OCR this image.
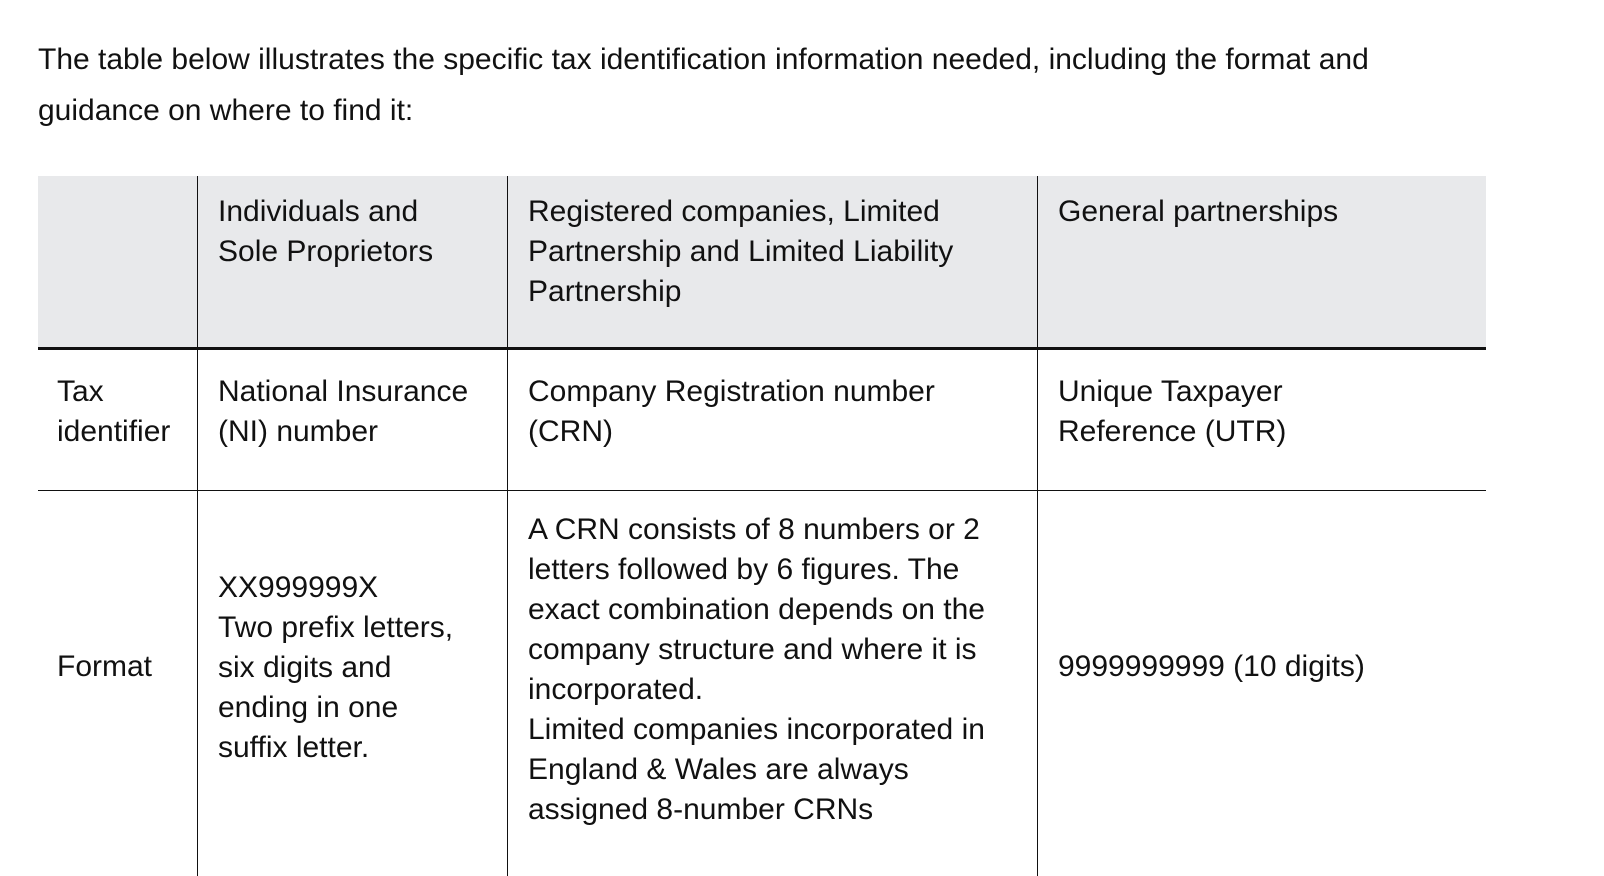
The table below illustrates the specific tax identification information needed, including the format and
guidance on where to find it:

Individuals and
Sole Proprietors
Registered companies, Limited
Partnership and Limited Liability
Partnership
General partnerships
Tax
identifier
National Insurance
(NI) number
Company Registration number
(CRN)
Unique Taxpayer
Reference (UTR)
Format
XX999999X
Two prefix letters,
six digits and
ending in one
suffix letter.
A CRN consists of 8 numbers or 2
letters followed by 6 figures. The
exact combination depends on the
company structure and where it is
incorporated.
Limited companies incorporated in
England & Wales are always
assigned 8-number CRNs
9999999999 (10 digits)
